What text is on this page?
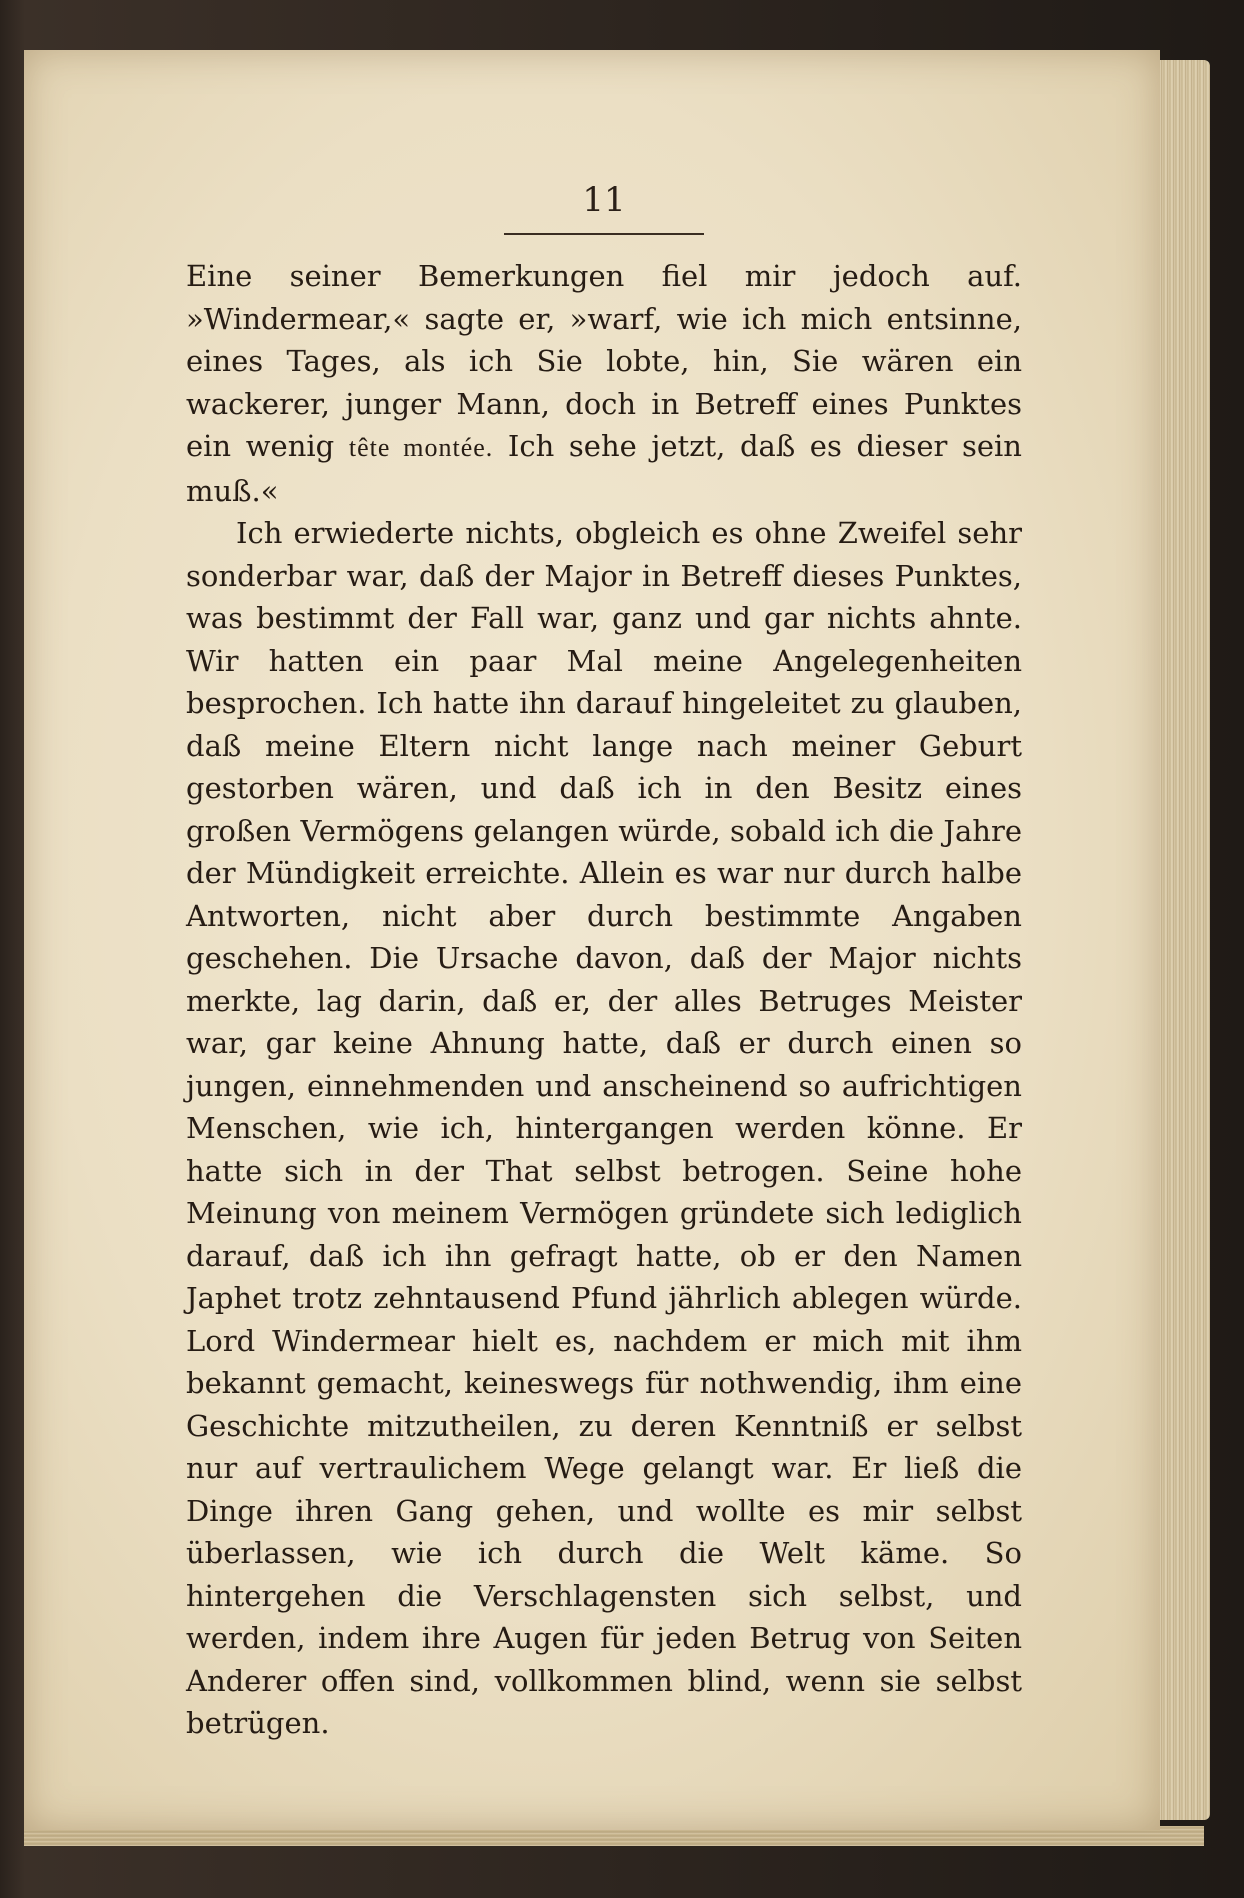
11

Eine seiner Bemerkungen fiel mir jedoch auf. »Windermear,« sagte er, »warf, wie ich mich entsinne, eines Tages, als ich Sie lobte, hin, Sie wären ein wackerer, junger Mann, doch in Betreff eines Punktes ein wenig tête montée. Ich sehe jetzt, daß es dieser sein muß.«

Ich erwiederte nichts, obgleich es ohne Zweifel sehr sonderbar war, daß der Major in Betreff dieses Punktes, was bestimmt der Fall war, ganz und gar nichts ahnte. Wir hatten ein paar Mal meine Angelegenheiten besprochen. Ich hatte ihn darauf hingeleitet zu glauben, daß meine Eltern nicht lange nach meiner Geburt gestorben wären, und daß ich in den Besitz eines großen Vermögens gelangen würde, sobald ich die Jahre der Mündigkeit erreichte. Allein es war nur durch halbe Antworten, nicht aber durch bestimmte Angaben geschehen. Die Ursache davon, daß der Major nichts merkte, lag darin, daß er, der alles Betruges Meister war, gar keine Ahnung hatte, daß er durch einen so jungen, einnehmenden und anscheinend so aufrichtigen Menschen, wie ich, hintergangen werden könne. Er hatte sich in der That selbst betrogen. Seine hohe Meinung von meinem Vermögen gründete sich lediglich darauf, daß ich ihn gefragt hatte, ob er den Namen Japhet trotz zehntausend Pfund jährlich ablegen würde. Lord Windermear hielt es, nachdem er mich mit ihm bekannt gemacht, keineswegs für nothwendig, ihm eine Geschichte mitzutheilen, zu deren Kenntniß er selbst nur auf vertraulichem Wege gelangt war. Er ließ die Dinge ihren Gang gehen, und wollte es mir selbst überlassen, wie ich durch die Welt käme. So hintergehen die Verschlagensten sich selbst, und werden, indem ihre Augen für jeden Betrug von Seiten Anderer offen sind, vollkommen blind, wenn sie selbst betrügen.
